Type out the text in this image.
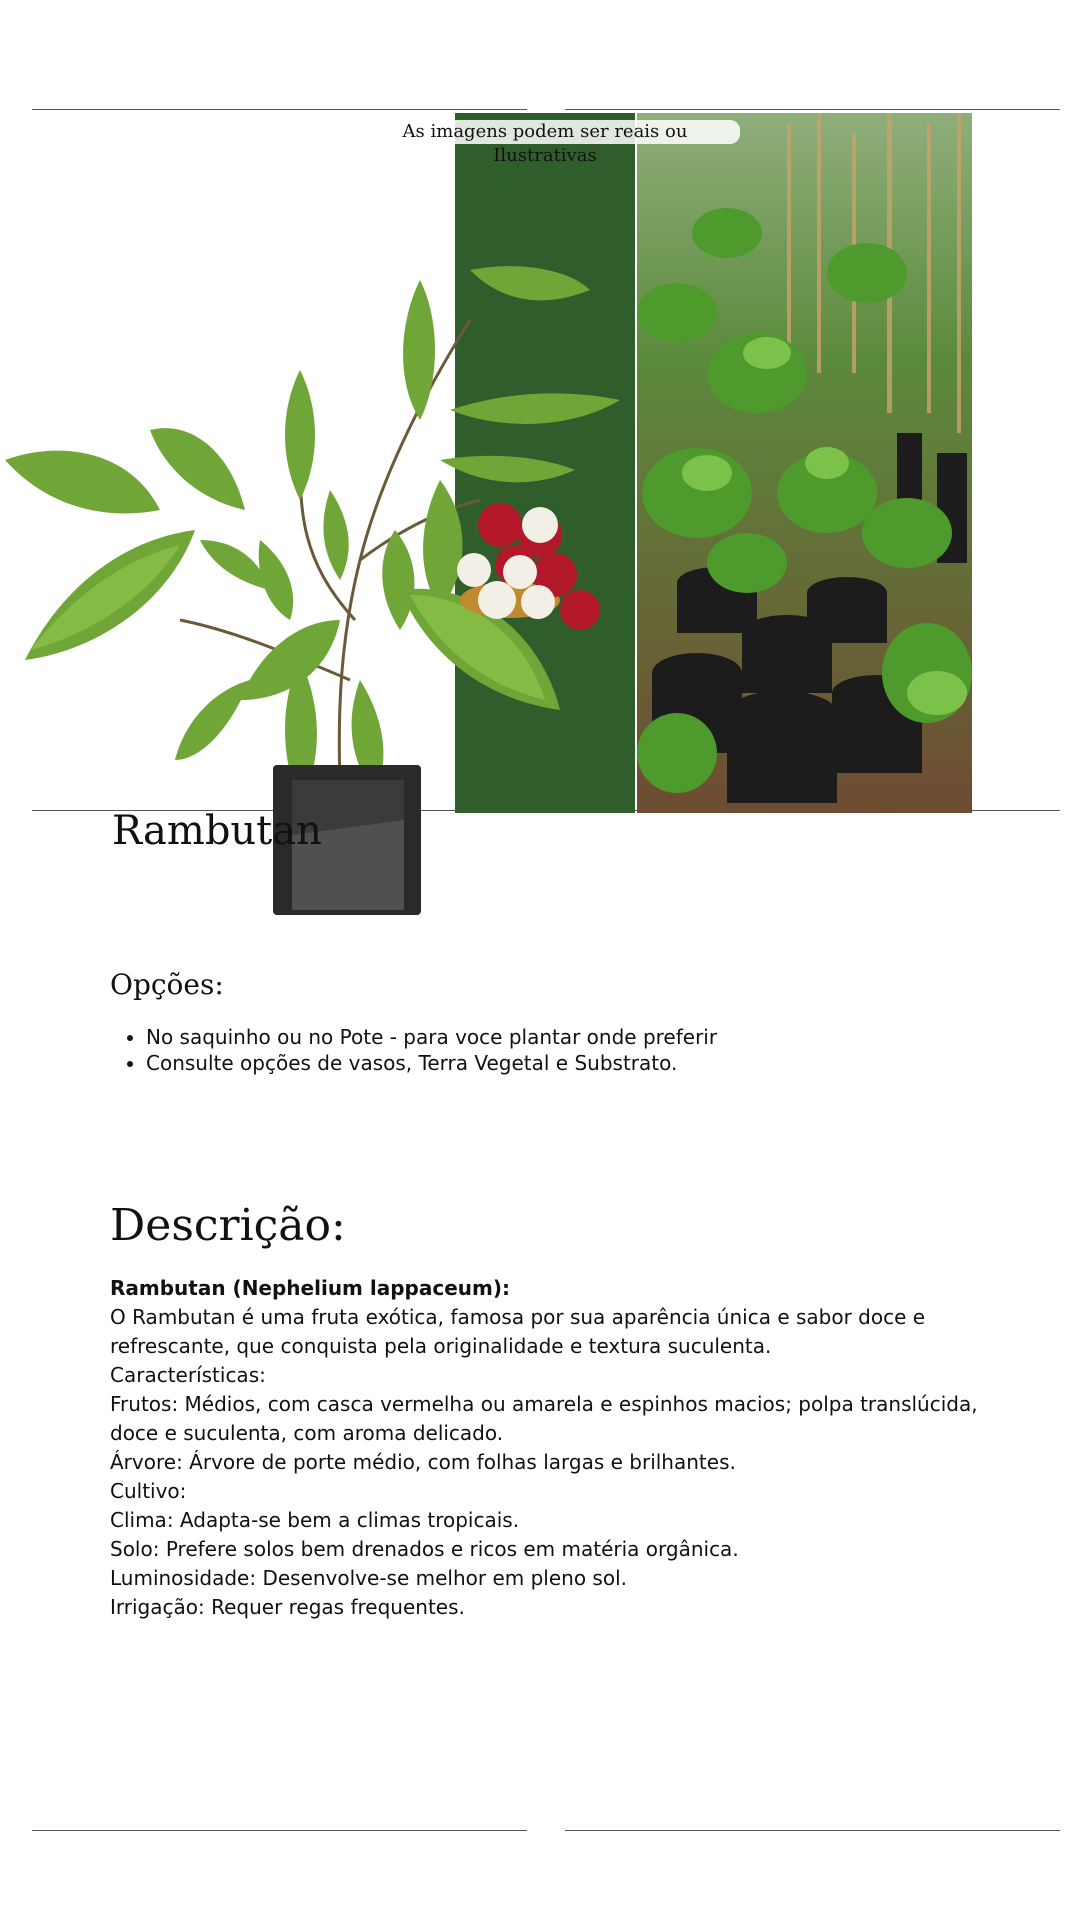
As imagens podem ser reais ou Ilustrativas
Rambutan
Opções:
• No saquinho ou no Pote - para voce plantar onde preferir
• Consulte opções de vasos, Terra Vegetal e Substrato.
Descrição:

Rambutan (Nephelium lappaceum):

O Rambutan é uma fruta exótica, famosa por sua aparência única e sabor doce e refrescante, que conquista pela originalidade e textura suculenta.

Características:

Frutos: Médios, com casca vermelha ou amarela e espinhos macios; polpa translúcida, doce e suculenta, com aroma delicado.

Árvore: Árvore de porte médio, com folhas largas e brilhantes.

Cultivo:

Clima: Adapta-se bem a climas tropicais.

Solo: Prefere solos bem drenados e ricos em matéria orgânica.

Luminosidade: Desenvolve-se melhor em pleno sol.

Irrigação: Requer regas frequentes.
